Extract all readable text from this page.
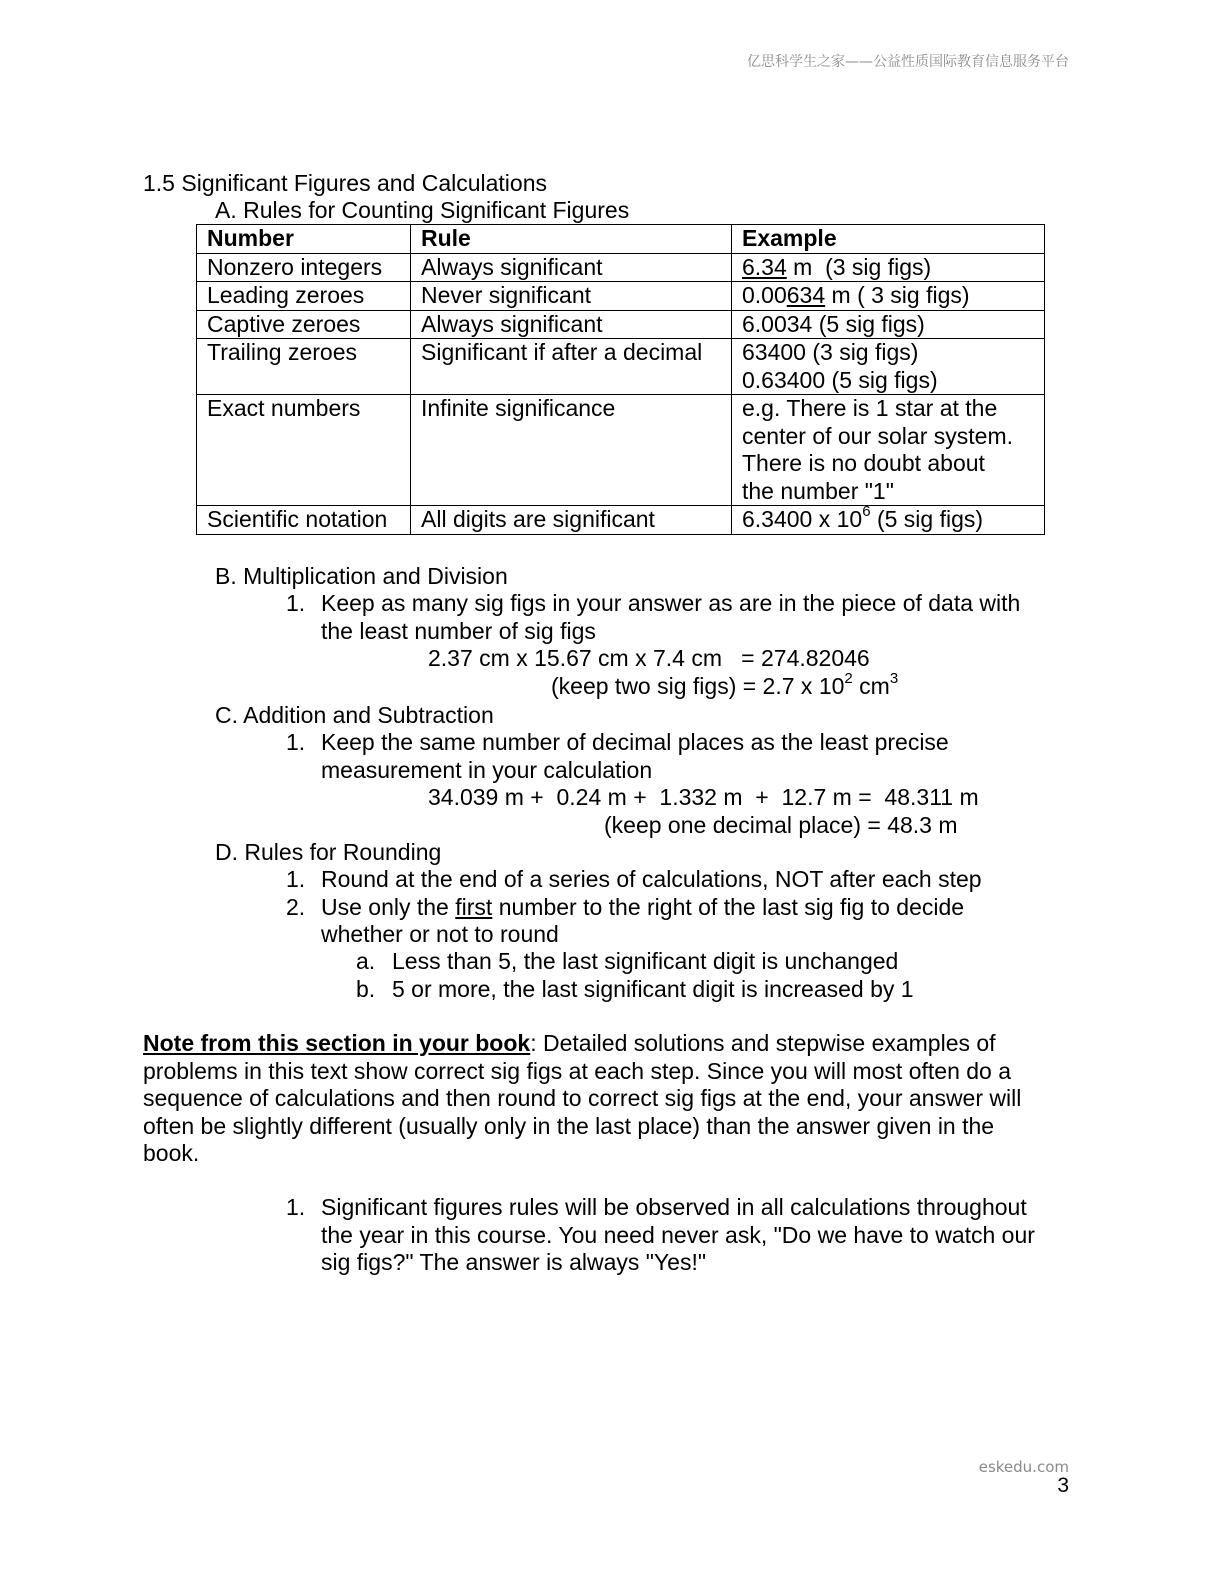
亿思科学生之家——公益性质国际教育信息服务平台
1.5 Significant Figures and Calculations
A. Rules for Counting Significant Figures
Number	Rule	Example
Nonzero integers	Always significant	6.34 m  (3 sig figs)
Leading zeroes	Never significant	0.00634 m ( 3 sig figs)
Captive zeroes	Always significant	6.0034 (5 sig figs)
Trailing zeroes	Significant if after a decimal	63400 (3 sig figs)
0.63400 (5 sig figs)

Exact numbers	Infinite significance	e.g. There is 1 star at the
center of our solar system.
There is no doubt about
the number "1"

Scientific notation	All digits are significant	6.3400 x $10^6$ (5 sig figs)
B. Multiplication and Division
1. Keep as many sig figs in your answer as are in the piece of data with
the least number of sig figs
2.37 cm x 15.67 cm x 7.4 cm   = 274.82046
(keep two sig figs) = 2.7 x $10^2$ $cm^3$
C. Addition and Subtraction
1. Keep the same number of decimal places as the least precise
measurement in your calculation
34.039 m +  0.24 m +  1.332 m  +  12.7 m =  48.311 m
(keep one decimal place) = 48.3 m
D. Rules for Rounding
1. Round at the end of a series of calculations, NOT after each step
2. Use only the first number to the right of the last sig fig to decide
whether or not to round
a. Less than 5, the last significant digit is unchanged
b. 5 or more, the last significant digit is increased by 1
Note from this section in your book: Detailed solutions and stepwise examples of
problems in this text show correct sig figs at each step. Since you will most often do a
sequence of calculations and then round to correct sig figs at the end, your answer will
often be slightly different (usually only in the last place) than the answer given in the
book.
1. Significant figures rules will be observed in all calculations throughout
the year in this course. You need never ask, "Do we have to watch our
sig figs?" The answer is always "Yes!"
eskedu.com
3
